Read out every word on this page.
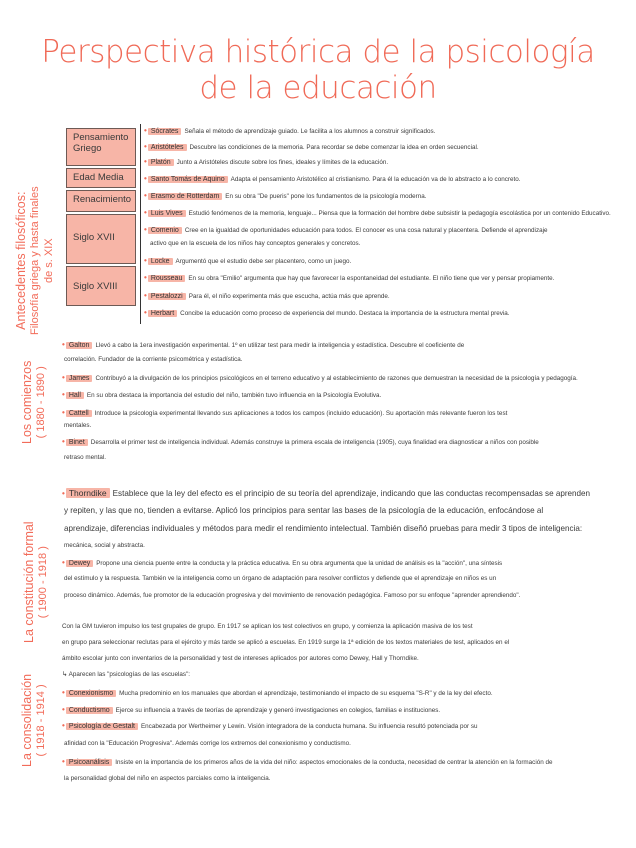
Perspectiva histórica de la psicología
de la educación
Antecedentes filosóficos: Filosofía griega y hasta finales de s. XIX
Los comienzos ( 1880 - 1890 )
La constitución formal ( 1900 - 1918 )
La consolidación ( 1918 - 1914 )
Pensamiento Griego
Edad Media
Renacimiento
Siglo XVII
Siglo XVIII
• Sócrates Señala el método de aprendizaje guiado. Le facilita a los alumnos a construir significados.
• Aristóteles Descubre las condiciones de la memoria. Para recordar se debe comenzar la idea en orden secuencial.
• Platón Junto a Aristóteles discute sobre los fines, ideales y límites de la educación.
• Santo Tomás de Aquino Adapta el pensamiento Aristotélico al cristianismo. Para él la educación va de lo abstracto a lo concreto.
• Erasmo de Rotterdam En su obra "De pueris" pone los fundamentos de la psicología moderna.
• Luis Vives Estudió fenómenos de la memoria, lenguaje... Piensa que la formación del hombre debe subsistir la pedagogía escolástica por un contenido Educativo.
• Comenio Cree en la igualdad de oportunidades educación para todos. El conocer es una cosa natural y placentera. Defiende el aprendizaje
activo que en la escuela de los niños hay conceptos generales y concretos.
• Locke Argumentó que el estudio debe ser placentero, como un juego.
• Rousseau En su obra "Emilio" argumenta que hay que favorecer la espontaneidad del estudiante. El niño tiene que ver y pensar propiamente.
• Pestalozzi Para él, el niño experimenta más que escucha, actúa más que aprende.
• Herbart Concibe la educación como proceso de experiencia del mundo. Destaca la importancia de la estructura mental previa.
• Galton Llevó a cabo la 1era investigación experimental. 1º en utilizar test para medir la inteligencia y estadística. Descubre el coeficiente de
correlación. Fundador de la corriente psicométrica y estadística.
• James Contribuyó a la divulgación de los principios psicológicos en el terreno educativo y al establecimiento de razones que demuestran la necesidad de la psicología y pedagogía.
• Hall En su obra destaca la importancia del estudio del niño, también tuvo influencia en la Psicología Evolutiva.
• Cattell Introduce la psicología experimental llevando sus aplicaciones a todos los campos (incluido educación). Su aportación más relevante fueron los test
mentales.
• Binet Desarrolla el primer test de inteligencia individual. Además construye la primera escala de inteligencia (1905), cuya finalidad era diagnosticar a niños con posible
retraso mental.
• Thorndike Establece que la ley del efecto es el principio de su teoría del aprendizaje, indicando que las conductas recompensadas se aprenden
y repiten, y las que no, tienden a evitarse. Aplicó los principios para sentar las bases de la psicología de la educación, enfocándose al
aprendizaje, diferencias individuales y métodos para medir el rendimiento intelectual. También diseñó pruebas para medir 3 tipos de inteligencia:
mecánica, social y abstracta.
• Dewey Propone una ciencia puente entre la conducta y la práctica educativa. En su obra argumenta que la unidad de análisis es la "acción", una síntesis
del estímulo y la respuesta. También ve la inteligencia como un órgano de adaptación para resolver conflictos y defiende que el aprendizaje en niños es un
proceso dinámico. Además, fue promotor de la educación progresiva y del movimiento de renovación pedagógica. Famoso por su enfoque "aprender aprendiendo".
Con la GM tuvieron impulso los test grupales de grupo. En 1917 se aplican los test colectivos en grupo, y comienza la aplicación masiva de los test
en grupo para seleccionar reclutas para el ejército y más tarde se aplicó a escuelas. En 1919 surge la 1ª edición de los textos materiales de test, aplicados en el
ámbito escolar junto con inventarios de la personalidad y test de intereses aplicados por autores como Dewey, Hall y Thorndike.
↳ Aparecen las "psicologías de las escuelas":
• Conexionismo Mucha predominio en los manuales que abordan el aprendizaje, testimoniando el impacto de su esquema "S-R" y de la ley del efecto.
• Conductismo Ejerce su influencia a través de teorías de aprendizaje y generó investigaciones en colegios, familias e instituciones.
• Psicología de Gestalt Encabezada por Wertheimer y Lewin. Visión integradora de la conducta humana. Su influencia resultó potenciada por su
afinidad con la "Educación Progresiva". Además corrige los extremos del conexionismo y conductismo.
• Psicoanálisis Insiste en la importancia de los primeros años de la vida del niño: aspectos emocionales de la conducta, necesidad de centrar la atención en la formación de
la personalidad global del niño en aspectos parciales como la inteligencia.
